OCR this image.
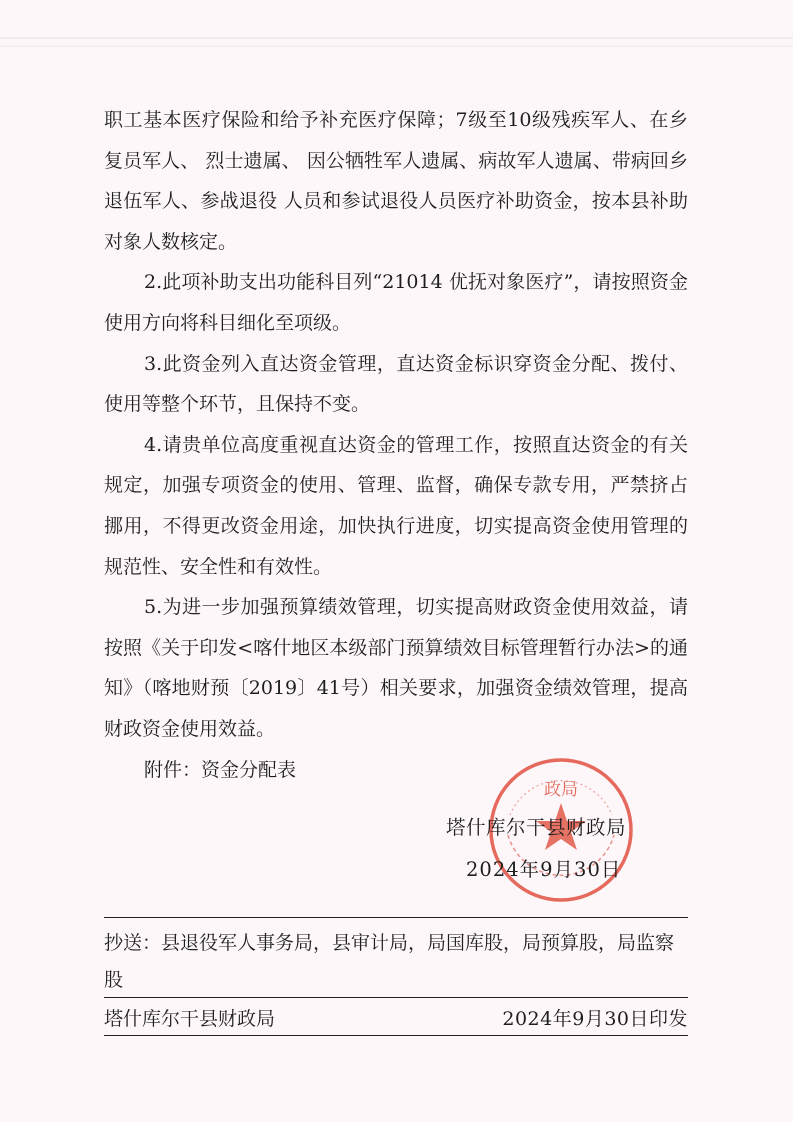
职工基本医疗保险和给予补充医疗保障；7级至10级残疾军人、在乡复员军人、 烈士遗属、 因公牺牲军人遗属、病故军人遗属、带病回乡退伍军人、参战退役 人员和参试退役人员医疗补助资金，按本县补助对象人数核定。

2.此项补助支出功能科目列“21014 优抚对象医疗”，请按照资金使用方向将科目细化至项级。

3.此资金列入直达资金管理，直达资金标识穿资金分配、拨付、使用等整个环节，且保持不变。

4.请贵单位高度重视直达资金的管理工作，按照直达资金的有关规定，加强专项资金的使用、管理、监督，确保专款专用，严禁挤占挪用，不得更改资金用途，加快执行进度，切实提高资金使用管理的规范性、安全性和有效性。

5.为进一步加强预算绩效管理，切实提高财政资金使用效益，请按照《关于印发<喀什地区本级部门预算绩效目标管理暂行办法>的通知》（喀地财预〔2019〕41号）相关要求，加强资金绩效管理，提高财政资金使用效益。

附件：资金分配表

政局
塔什库尔干县财政局
2024年9月30日
抄送：县退役军人事务局，县审计局，局国库股，局预算股，局监察股
塔什库尔干县财政局	2024年9月30日印发
